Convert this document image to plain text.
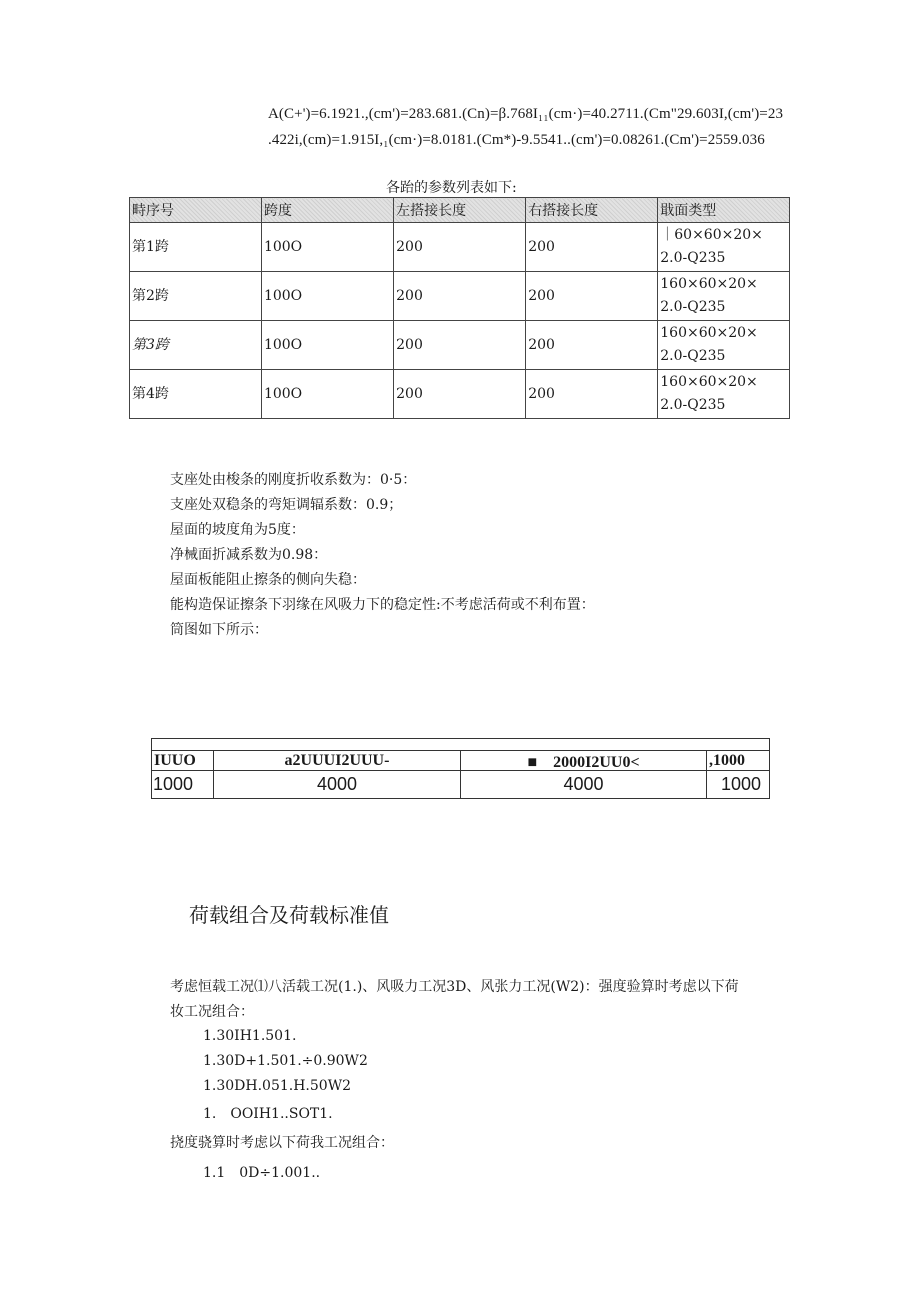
A(C+')=6.1921.,(cm')=283.681.(Cn)=β.768I₁₁(cm·)=40.2711.(Cm"29.603I,(cm')=23
.422i,(cm)=1.915I,₁(cm·)=8.0181.(Cm*)-9.5541..(cm')=0.08261.(Cm')=2559.036
各跆的参数列表如下:
畤序号	跨度	左搭接长度	右搭接长度	戢面类型
第1跨	100O	200	200	｜60×60×20×
2.0-Q235
第2跨	100O	200	200	160×60×20×
2.0-Q235
第3跨	100O	200	200	160×60×20×
2.0-Q235
第4跨	100O	200	200	160×60×20×
2.0-Q235
支座处由梭条的刚度折收系数为：0·5：
支座处双稳条的弯矩调辐系数：0.9；
屋面的坡度角为5度：
净械面折减系数为0.98：
屋面板能阻止擦条的侧向失稳：
能构造保证擦条下羽缘在风吸力下的稳定性:不考虑活荷或不利布置：
筒图如下所示：
IUUO	a2UUUI2UUU-	■　2000I2UU0<	,1000
1000	4000	4000	1000
荷载组合及荷载标准值
考虑恒载工况⑴八活载工况(1.)、风吸力工况3D、风张力工况(W2)：强度验算时考虑以下荷
妆工况组合：
1.30IH1.501.
1.30D+1.501.÷0.90W2
1.30DH.051.H.50W2
1.　OOIH1..SOT1.
挠度骁算时考虑以下荷我工况组合：
1.1　0D÷1.001..
